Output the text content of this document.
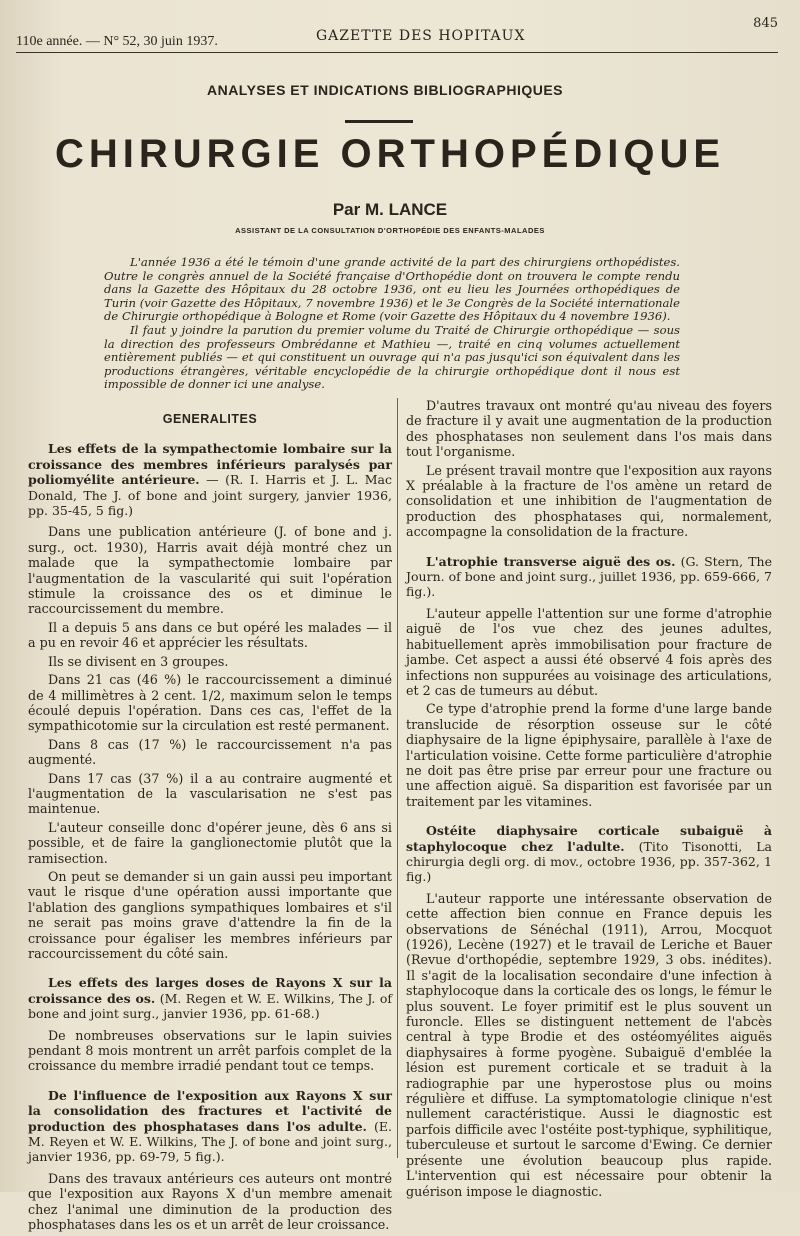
110e année. — N° 52, 30 juin 1937.	GAZETTE DES HOPITAUX
845
ANALYSES ET INDICATIONS BIBLIOGRAPHIQUES
CHIRURGIE ORTHOPÉDIQUE
Par M. LANCE
ASSISTANT DE LA CONSULTATION D'ORTHOPÉDIE DES ENFANTS-MALADES

L'année 1936 a été le témoin d'une grande activité de la part des chirurgiens orthopédistes. Outre le congrès annuel de la Société française d'Orthopédie dont on trouvera le compte rendu dans la Gazette des Hôpitaux du 28 octobre 1936, ont eu lieu les Journées orthopédiques de Turin (voir Gazette des Hôpitaux, 7 novembre 1936) et le 3e Congrès de la Société internationale de Chirurgie orthopédique à Bologne et Rome (voir Gazette des Hôpitaux du 4 novembre 1936).

Il faut y joindre la parution du premier volume du Traité de Chirurgie orthopédique — sous la direction des professeurs Ombrédanne et Mathieu —, traité en cinq volumes actuellement entièrement publiés — et qui constituent un ouvrage qui n'a pas jusqu'ici son équivalent dans les productions étrangères, véritable encyclopédie de la chirurgie orthopédique dont il nous est impossible de donner ici une analyse.

GENERALITES
Les effets de la sympathectomie lombaire sur la croissance des membres inférieurs paralysés par poliomyélite antérieure. — (R. I. Harris et J. L. Mac Donald, The J. of bone and joint surgery, janvier 1936, pp. 35-45, 5 fig.)

Dans une publication antérieure (J. of bone and j. surg., oct. 1930), Harris avait déjà montré chez un malade que la sympathectomie lombaire par l'augmentation de la vascularité qui suit l'opération stimule la croissance des os et diminue le raccourcissement du membre.

Il a depuis 5 ans dans ce but opéré les malades — il a pu en revoir 46 et apprécier les résultats.

Ils se divisent en 3 groupes.

Dans 21 cas (46 %) le raccourcissement a diminué de 4 millimètres à 2 cent. 1/2, maximum selon le temps écoulé depuis l'opération. Dans ces cas, l'effet de la sympathicotomie sur la circulation est resté permanent.

Dans 8 cas (17 %) le raccourcissement n'a pas augmenté.

Dans 17 cas (37 %) il a au contraire augmenté et l'augmentation de la vascularisation ne s'est pas maintenue.

L'auteur conseille donc d'opérer jeune, dès 6 ans si possible, et de faire la ganglionectomie plutôt que la ramisection.

On peut se demander si un gain aussi peu important vaut le risque d'une opération aussi importante que l'ablation des ganglions sympathiques lombaires et s'il ne serait pas moins grave d'attendre la fin de la croissance pour égaliser les membres inférieurs par raccourcissement du côté sain.

Les effets des larges doses de Rayons X sur la croissance des os. (M. Regen et W. E. Wilkins, The J. of bone and joint surg., janvier 1936, pp. 61-68.)

De nombreuses observations sur le lapin suivies pendant 8 mois montrent un arrêt parfois complet de la croissance du membre irradié pendant tout ce temps.

De l'influence de l'exposition aux Rayons X sur la consolidation des fractures et l'activité de production des phosphatases dans l'os adulte. (E. M. Reyen et W. E. Wilkins, The J. of bone and joint surg., janvier 1936, pp. 69-79, 5 fig.).

Dans des travaux antérieurs ces auteurs ont montré que l'exposition aux Rayons X d'un membre amenait chez l'animal une diminution de la production des phosphatases dans les os et un arrêt de leur croissance.

D'autres travaux ont montré qu'au niveau des foyers de fracture il y avait une augmentation de la production des phosphatases non seulement dans l'os mais dans tout l'organisme.

Le présent travail montre que l'exposition aux rayons X préalable à la fracture de l'os amène un retard de consolidation et une inhibition de l'augmentation de production des phosphatases qui, normalement, accompagne la consolidation de la fracture.

L'atrophie transverse aiguë des os. (G. Stern, The Journ. of bone and joint surg., juillet 1936, pp. 659-666, 7 fig.).

L'auteur appelle l'attention sur une forme d'atrophie aiguë de l'os vue chez des jeunes adultes, habituellement après immobilisation pour fracture de jambe. Cet aspect a aussi été observé 4 fois après des infections non suppurées au voisinage des articulations, et 2 cas de tumeurs au début.

Ce type d'atrophie prend la forme d'une large bande translucide de résorption osseuse sur le côté diaphysaire de la ligne épiphysaire, parallèle à l'axe de l'articulation voisine. Cette forme particulière d'atrophie ne doit pas être prise par erreur pour une fracture ou une affection aiguë. Sa disparition est favorisée par un traitement par les vitamines.

Ostéite diaphysaire corticale subaiguë à staphylocoque chez l'adulte. (Tito Tisonotti, La chirurgia degli org. di mov., octobre 1936, pp. 357-362, 1 fig.)

L'auteur rapporte une intéressante observation de cette affection bien connue en France depuis les observations de Sénéchal (1911), Arrou, Mocquot (1926), Lecène (1927) et le travail de Leriche et Bauer (Revue d'orthopédie, septembre 1929, 3 obs. inédites). Il s'agit de la localisation secondaire d'une infection à staphylocoque dans la corticale des os longs, le fémur le plus souvent. Le foyer primitif est le plus souvent un furoncle. Elles se distinguent nettement de l'abcès central à type Brodie et des ostéomyélites aiguës diaphysaires à forme pyogène. Subaiguë d'emblée la lésion est purement corticale et se traduit à la radiographie par une hyperostose plus ou moins régulière et diffuse. La symptomatologie clinique n'est nullement caractéristique. Aussi le diagnostic est parfois difficile avec l'ostéite post-typhique, syphilitique, tuberculeuse et surtout le sarcome d'Ewing. Ce dernier présente une évolution beaucoup plus rapide. L'intervention qui est nécessaire pour obtenir la guérison impose le diagnostic.
